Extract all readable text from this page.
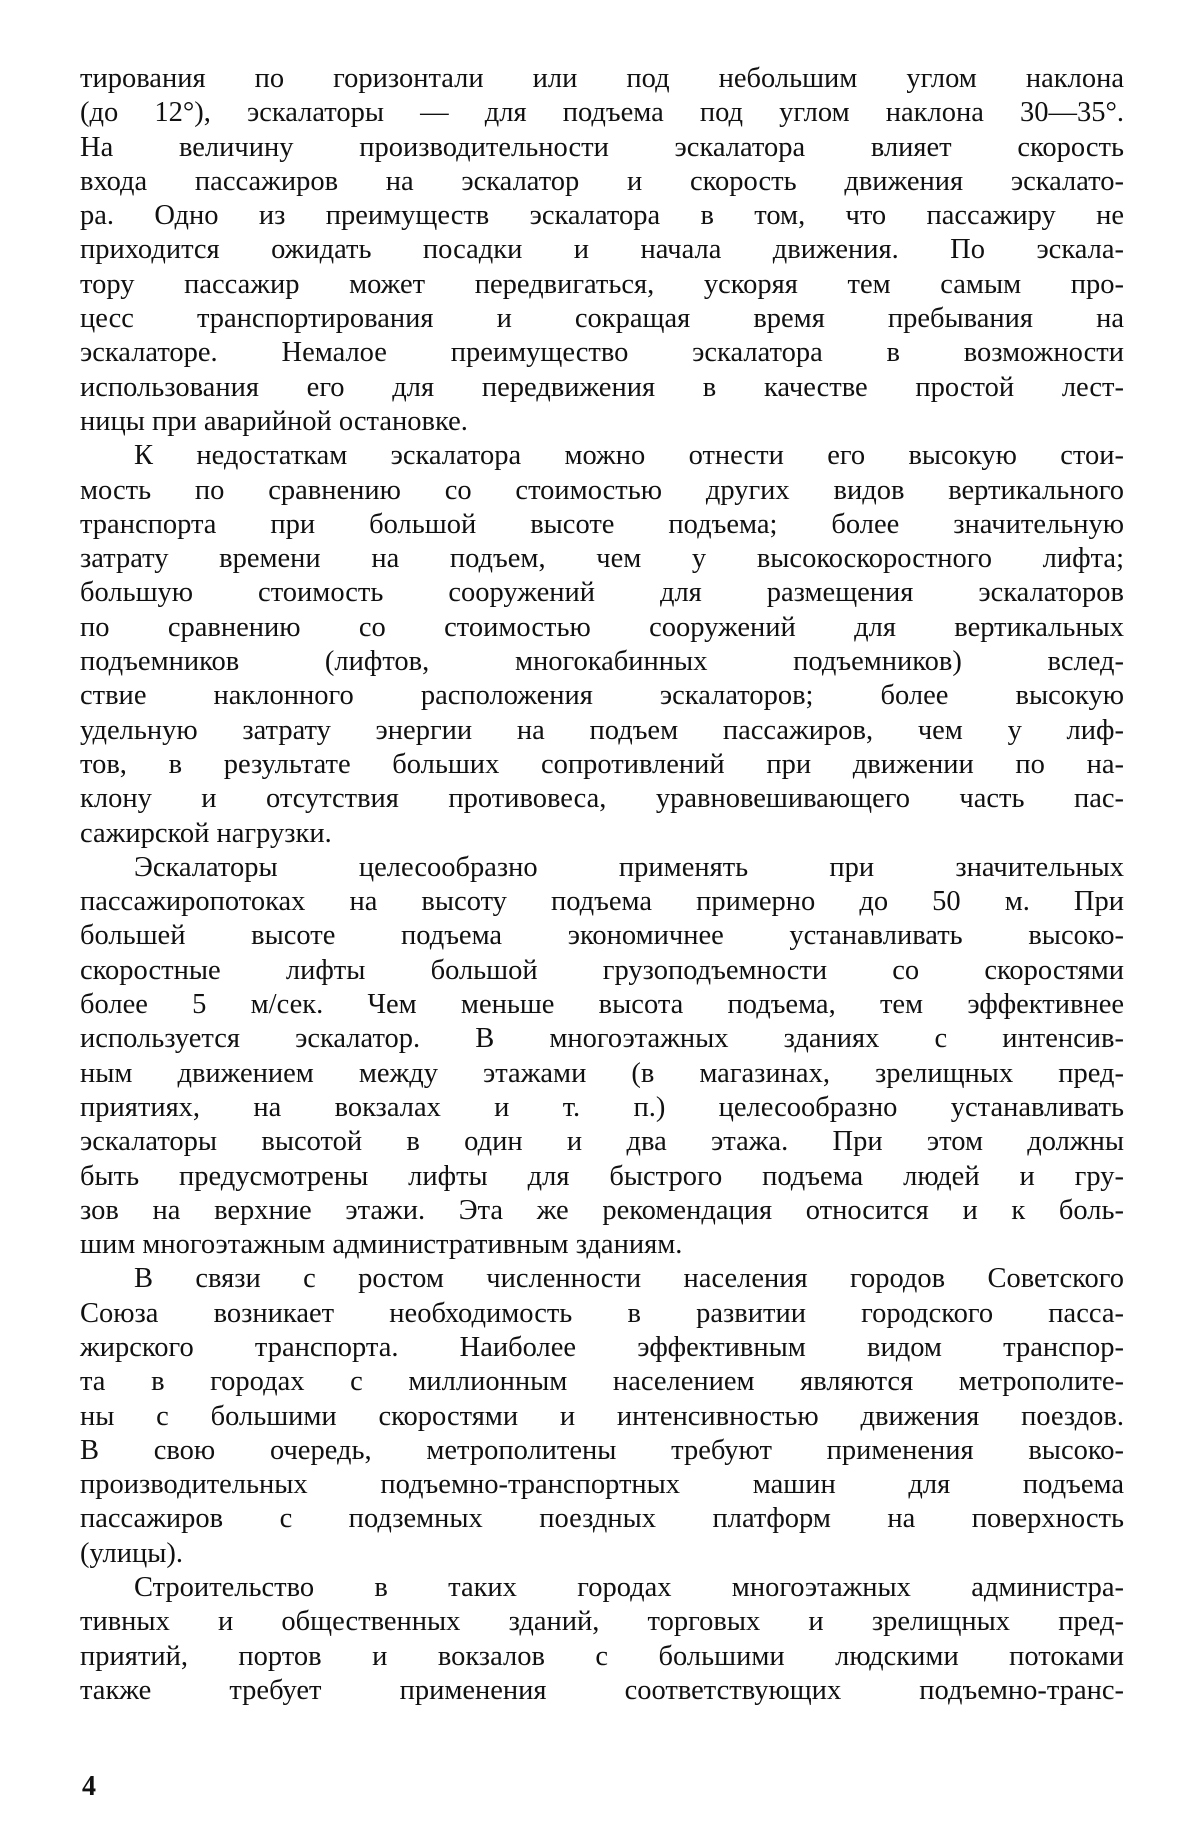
тирования по горизонтали или под небольшим углом наклона

(до 12°), эскалаторы — для подъема под углом наклона 30—35°.

На величину производительности эскалатора влияет скорость

входа пассажиров на эскалатор и скорость движения эскалато-

ра. Одно из преимуществ эскалатора в том, что пассажиру не

приходится ожидать посадки и начала движения. По эскала-

тору пассажир может передвигаться, ускоряя тем самым про-

цесс транспортирования и сокращая время пребывания на

эскалаторе. Немалое преимущество эскалатора в возможности

использования его для передвижения в качестве простой лест-

ницы при аварийной остановке.

К недостаткам эскалатора можно отнести его высокую стои-

мость по сравнению со стоимостью других видов вертикального

транспорта при большой высоте подъема; более значительную

затрату времени на подъем, чем у высокоскоростного лифта;

большую стоимость сооружений для размещения эскалаторов

по сравнению со стоимостью сооружений для вертикальных

подъемников (лифтов, многокабинных подъемников) вслед-

ствие наклонного расположения эскалаторов; более высокую

удельную затрату энергии на подъем пассажиров, чем у лиф-

тов, в результате больших сопротивлений при движении по на-

клону и отсутствия противовеса, уравновешивающего часть пас-

сажирской нагрузки.

Эскалаторы целесообразно применять при значительных

пассажиропотоках на высоту подъема примерно до 50 м. При

большей высоте подъема экономичнее устанавливать высоко-

скоростные лифты большой грузоподъемности со скоростями

более 5 м/сек. Чем меньше высота подъема, тем эффективнее

используется эскалатор. В многоэтажных зданиях с интенсив-

ным движением между этажами (в магазинах, зрелищных пред-

приятиях, на вокзалах и т. п.) целесообразно устанавливать

эскалаторы высотой в один и два этажа. При этом должны

быть предусмотрены лифты для быстрого подъема людей и гру-

зов на верхние этажи. Эта же рекомендация относится и к боль-

шим многоэтажным административным зданиям.

В связи с ростом численности населения городов Советского

Союза возникает необходимость в развитии городского пасса-

жирского транспорта. Наиболее эффективным видом транспор-

та в городах с миллионным населением являются метрополите-

ны с большими скоростями и интенсивностью движения поездов.

В свою очередь, метрополитены требуют применения высоко-

производительных подъемно-транспортных машин для подъема

пассажиров с подземных поездных платформ на поверхность

(улицы).

Строительство в таких городах многоэтажных администра-

тивных и общественных зданий, торговых и зрелищных пред-

приятий, портов и вокзалов с большими людскими потоками

также требует применения соответствующих подъемно-транс-

4
